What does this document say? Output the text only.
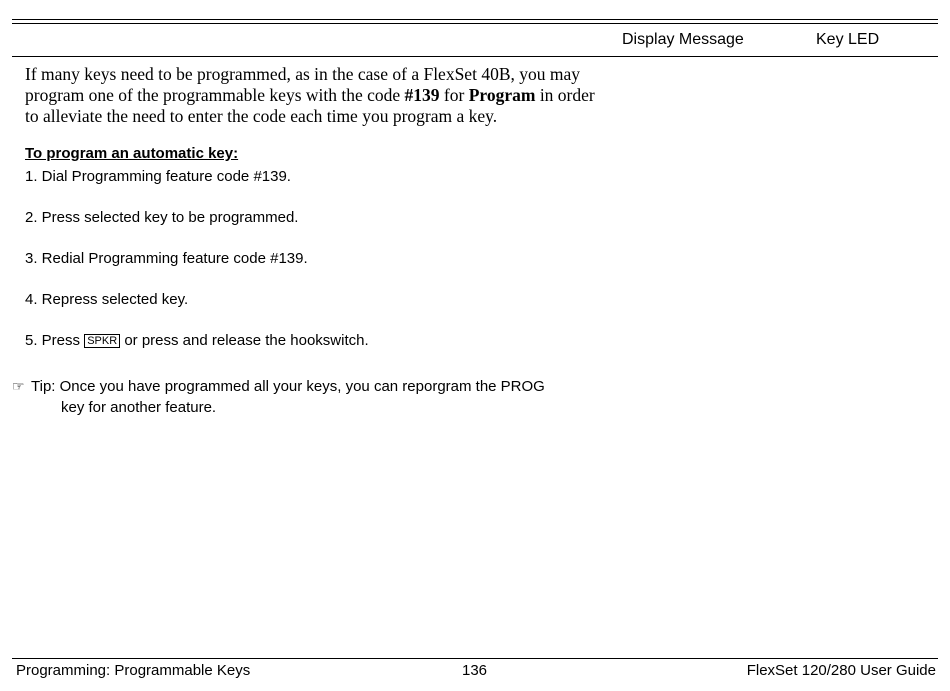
Display Message	Key LED
If many keys need to be programmed, as in the case of a FlexSet 40B, you may program one of the programmable keys with the code #139 for Program in order to alleviate the need to enter the code each time you program a key.
To program an automatic key:
1. Dial Programming feature code #139.
2. Press selected key to be programmed.
3. Redial Programming feature code #139.
4. Repress selected key.
5. Press SPKR or press and release the hookswitch.
☞ Tip: Once you have programmed all your keys, you can reporgram the PROG
key for another feature.
Programming: Programmable Keys	136	FlexSet 120/280 User Guide
